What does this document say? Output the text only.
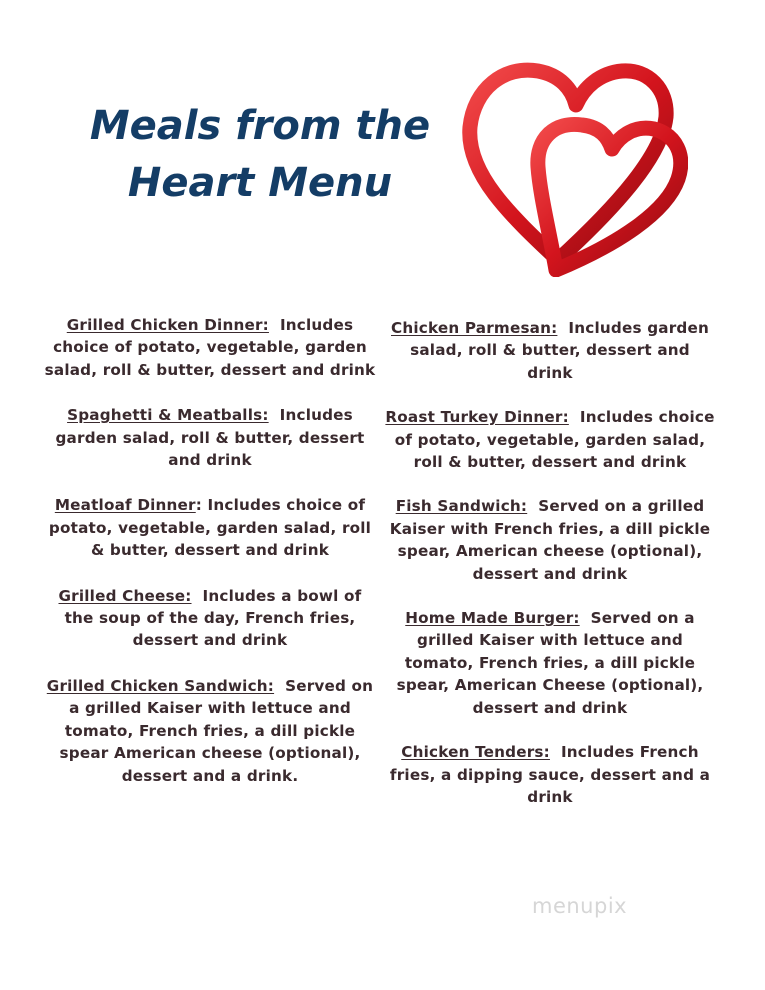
Meals from the
Heart Menu
Grilled Chicken Dinner: Includes choice of potato, vegetable, garden salad, roll & butter, dessert and drink
Spaghetti & Meatballs: Includes garden salad, roll & butter, dessert and drink
Meatloaf Dinner: Includes choice of potato, vegetable, garden salad, roll & butter, dessert and drink
Grilled Cheese: Includes a bowl of the soup of the day, French fries, dessert and drink
Grilled Chicken Sandwich: Served on a grilled Kaiser with lettuce and tomato, French fries, a dill pickle spear American cheese (optional), dessert and a drink.
Chicken Parmesan: Includes garden salad, roll & butter, dessert and drink
Roast Turkey Dinner: Includes choice of potato, vegetable, garden salad, roll & butter, dessert and drink
Fish Sandwich: Served on a grilled Kaiser with French fries, a dill pickle spear, American cheese (optional), dessert and drink
Home Made Burger: Served on a grilled Kaiser with lettuce and tomato, French fries, a dill pickle spear, American Cheese (optional), dessert and drink
Chicken Tenders: Includes French fries, a dipping sauce, dessert and a drink
menupix
